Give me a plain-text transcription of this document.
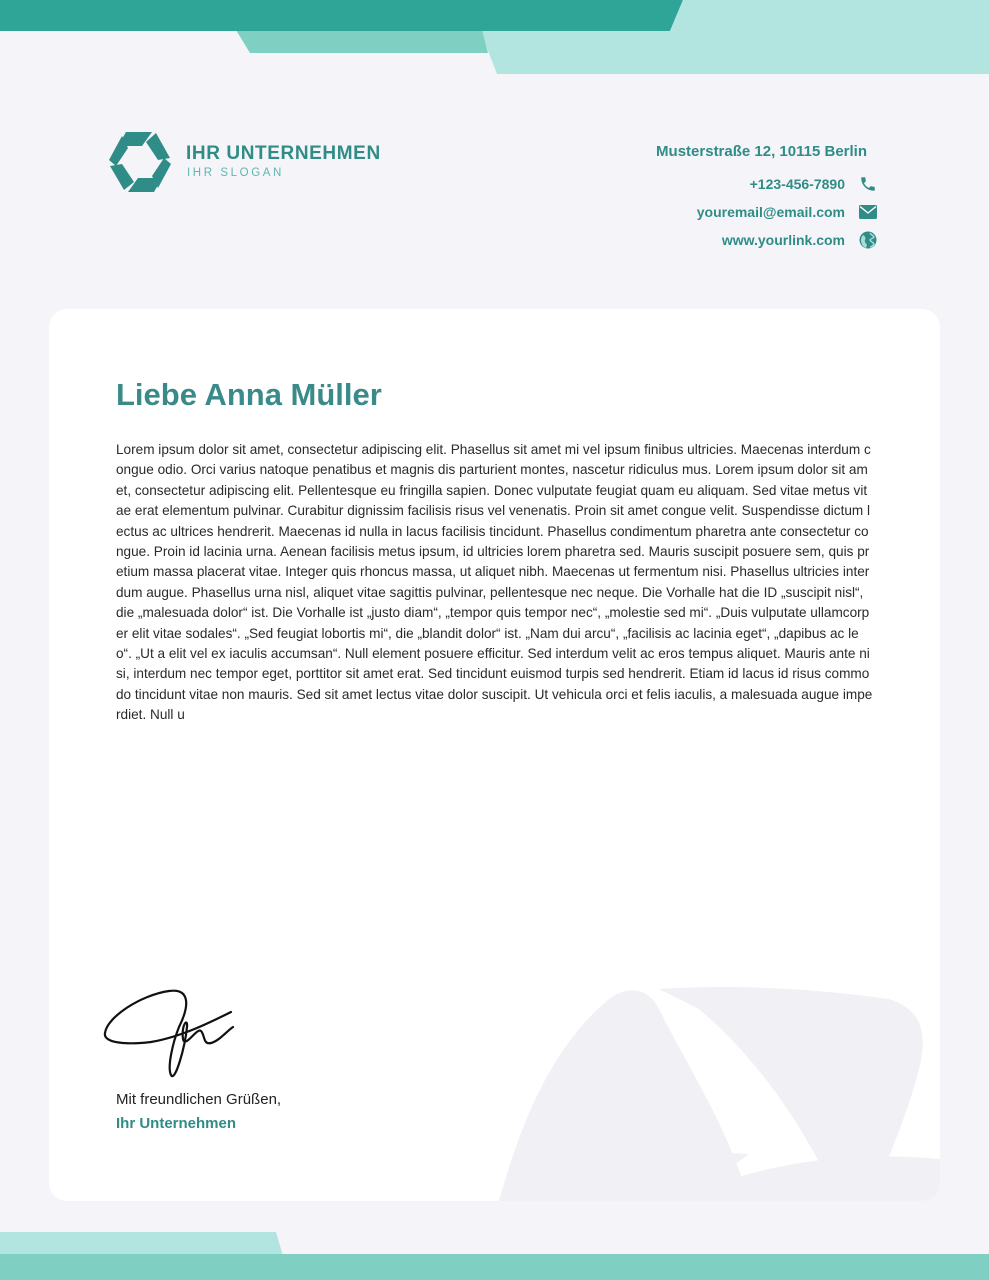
IHR UNTERNEHMEN
IHR SLOGAN
Musterstraße 12, 10115 Berlin
+123-456-7890
youremail@email.com
www.yourlink.com
Liebe Anna Müller
Lorem ipsum dolor sit amet, consectetur adipiscing elit. Phasellus sit amet mi vel ipsum finibus ultricies. Maecenas interdum congue odio. Orci varius natoque penatibus et magnis dis parturient montes, nascetur ridiculus mus. Lorem ipsum dolor sit amet, consectetur adipiscing elit. Pellentesque eu fringilla sapien. Donec vulputate feugiat quam eu aliquam. Sed vitae metus vitae erat elementum pulvinar. Curabitur dignissim facilisis risus vel venenatis. Proin sit amet congue velit. Suspendisse dictum lectus ac ultrices hendrerit. Maecenas id nulla in lacus facilisis tincidunt. Phasellus condimentum pharetra ante consectetur congue. Proin id lacinia urna. Aenean facilisis metus ipsum, id ultricies lorem pharetra sed. Mauris suscipit posuere sem, quis pretium massa placerat vitae. Integer quis rhoncus massa, ut aliquet nibh. Maecenas ut fermentum nisi. Phasellus ultricies interdum augue. Phasellus urna nisl, aliquet vitae sagittis pulvinar, pellentesque nec neque. Die Vorhalle hat die ID „suscipit nisl“, die „malesuada dolor“ ist. Die Vorhalle ist „justo diam“, „tempor quis tempor nec“, „molestie sed mi“. „Duis vulputate ullamcorper elit vitae sodales“. „Sed feugiat lobortis mi“, die „blandit dolor“ ist. „Nam dui arcu“, „facilisis ac lacinia eget“, „dapibus ac leo“. „Ut a elit vel ex iaculis accumsan“. Null element posuere efficitur. Sed interdum velit ac eros tempus aliquet. Mauris ante nisi, interdum nec tempor eget, porttitor sit amet erat. Sed tincidunt euismod turpis sed hendrerit. Etiam id lacus id risus commodo tincidunt vitae non mauris. Sed sit amet lectus vitae dolor suscipit. Ut vehicula orci et felis iaculis, a malesuada augue imperdiet. Null u
Mit freundlichen Grüßen,
Ihr Unternehmen
